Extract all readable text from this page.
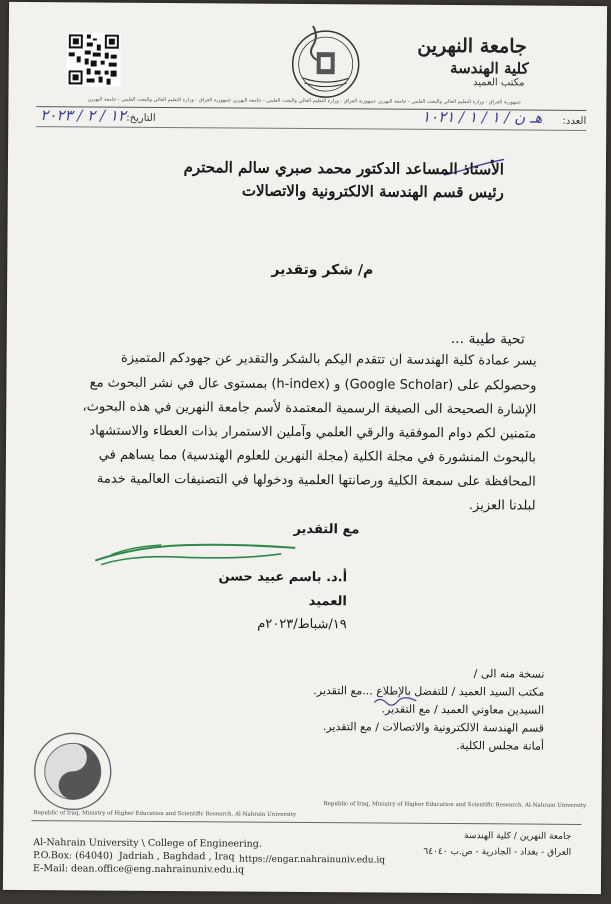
جامعة النهرين
كلية الهندسة
مكتب العميد
جمهورية العراق - وزارة التعليم العالي والبحث العلمي - جامعة النهرين جمهورية العراق - وزارة التعليم العالي والبحث العلمي - جامعة النهرين جمهورية العراق - وزارة التعليم العالي والبحث العلمي - جامعة النهرين
١٢ / ٢ / ٢٠٢٣ التاريخ:	هـ ن / ١ / ١ / ١٠٢١ العدد:
الأستاذ المساعد الدكتور محمد صبري سالم المحترم
رئيس قسم الهندسة الالكترونية والاتصالات
م/ شكر وتقدير
تحية طيبة ...
يسر عمادة كلية الهندسة ان تتقدم اليكم بالشكر والتقدير عن جهودكم المتميزة
وحصولكم على (Google Scholar) و (h-index) بمستوى عال في نشر البحوث مع
الإشارة الصحيحة الى الصيغة الرسمية المعتمدة لأسم جامعة النهرين في هذه البحوث،
متمنين لكم دوام الموفقية والرقي العلمي وآملين الاستمرار بذات العطاء والاستشهاد
بالبحوث المنشورة في مجلة الكلية (مجلة النهرين للعلوم الهندسية) مما يساهم في
المحافظة على سمعة الكلية ورصانتها العلمية ودخولها في التصنيفات العالمية خدمة
لبلدنا العزيز.
مع التقدير
أ.د. باسم عبيد حسن
العميد
١٩/شباط/٢٠٢٣م
نسخة منه الى /
مكتب السيد العميد / للتفضل بالإطلاع ...مع التقدير.
السيدين معاوني العميد / مع التقدير.
قسم الهندسة الالكترونية والاتصالات / مع التقدير.
أمانة مجلس الكلية.
Republic of Iraq, Ministry of Higher Education and Scientific Research, Al-Nahrain University
Republic of Iraq, Ministry of Higher Education and Scientific Research, Al-Nahrain University
Al-Nahrain University \ College of Engineering.
P.O.Box: (64040)  Jadriah , Baghdad , Iraq
E-Mail: dean.office@eng.nahrainuniv.edu.iq
https://engar.nahrainuniv.edu.iq
جامعة النهرين / كلية الهندسة
العراق - بغداد - الجادرية - ص.ب ٦٤٠٤٠
